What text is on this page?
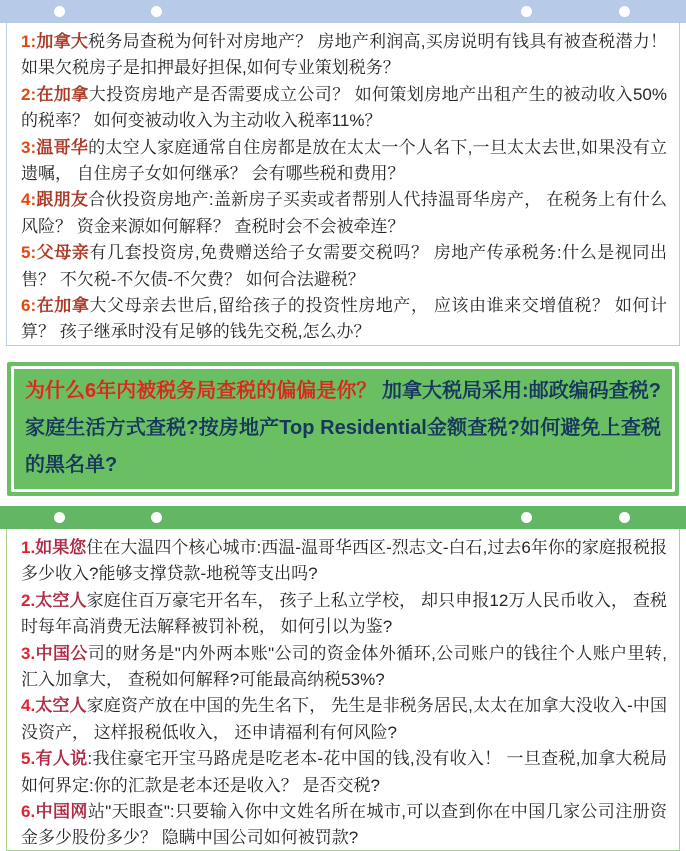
1:加拿大税务局查税为何针对房地产？ 房地产利润高,买房说明有钱具有被查税潜力！ 如果欠税房子是扣押最好担保,如何专业策划税务？2:在加拿大投资房地产是否需要成立公司？ 如何策划房地产出租产生的被动收入50%的税率？ 如何变被动收入为主动收入税率11%？3:温哥华的太空人家庭通常自住房都是放在太太一个人名下,一旦太太去世,如果没有立遗嘱， 自住房子女如何继承？ 会有哪些税和费用？4:跟朋友合伙投资房地产:盖新房子买卖或者帮别人代持温哥华房产， 在税务上有什么风险？ 资金来源如何解释？ 查税时会不会被牵连？5:父母亲有几套投资房,免费赠送给子女需要交税吗？ 房地产传承税务:什么是视同出售？ 不欠税-不欠债-不欠费？ 如何合法避税？6:在加拿大父母亲去世后,留给孩子的投资性房地产， 应该由谁来交增值税？ 如何计算？ 孩子继承时没有足够的钱先交税,怎么办？
为什么6年内被税务局查税的偏偏是你？ 加拿大税局采用:邮政编码查税?家庭生活方式查税?按房地产Top Residential金额查税?如何避免上查税的黑名单?
1.如果您住在大温四个核心城市:西温-温哥华西区-烈志文-白石,过去6年你的家庭报税报多少收入?能够支撑贷款-地税等支出吗?2.太空人家庭住百万豪宅开名车， 孩子上私立学校， 却只申报12万人民币收入， 查税时每年高消费无法解释被罚补税， 如何引以为鉴?3.中国公司的财务是"内外两本账"公司的资金体外循环,公司账户的钱往个人账户里转,汇入加拿大， 查税如何解释?可能最高纳税53%?4.太空人家庭资产放在中国的先生名下， 先生是非税务居民,太太在加拿大没收入-中国没资产， 这样报税低收入， 还申请福利有何风险?5.有人说:我住豪宅开宝马路虎是吃老本-花中国的钱,没有收入！ 一旦查税,加拿大税局如何界定:你的汇款是老本还是收入？ 是否交税?6.中国网站"天眼查":只要输入你中文姓名所在城市,可以查到你在中国几家公司注册资金多少股份多少？ 隐瞒中国公司如何被罚款?
